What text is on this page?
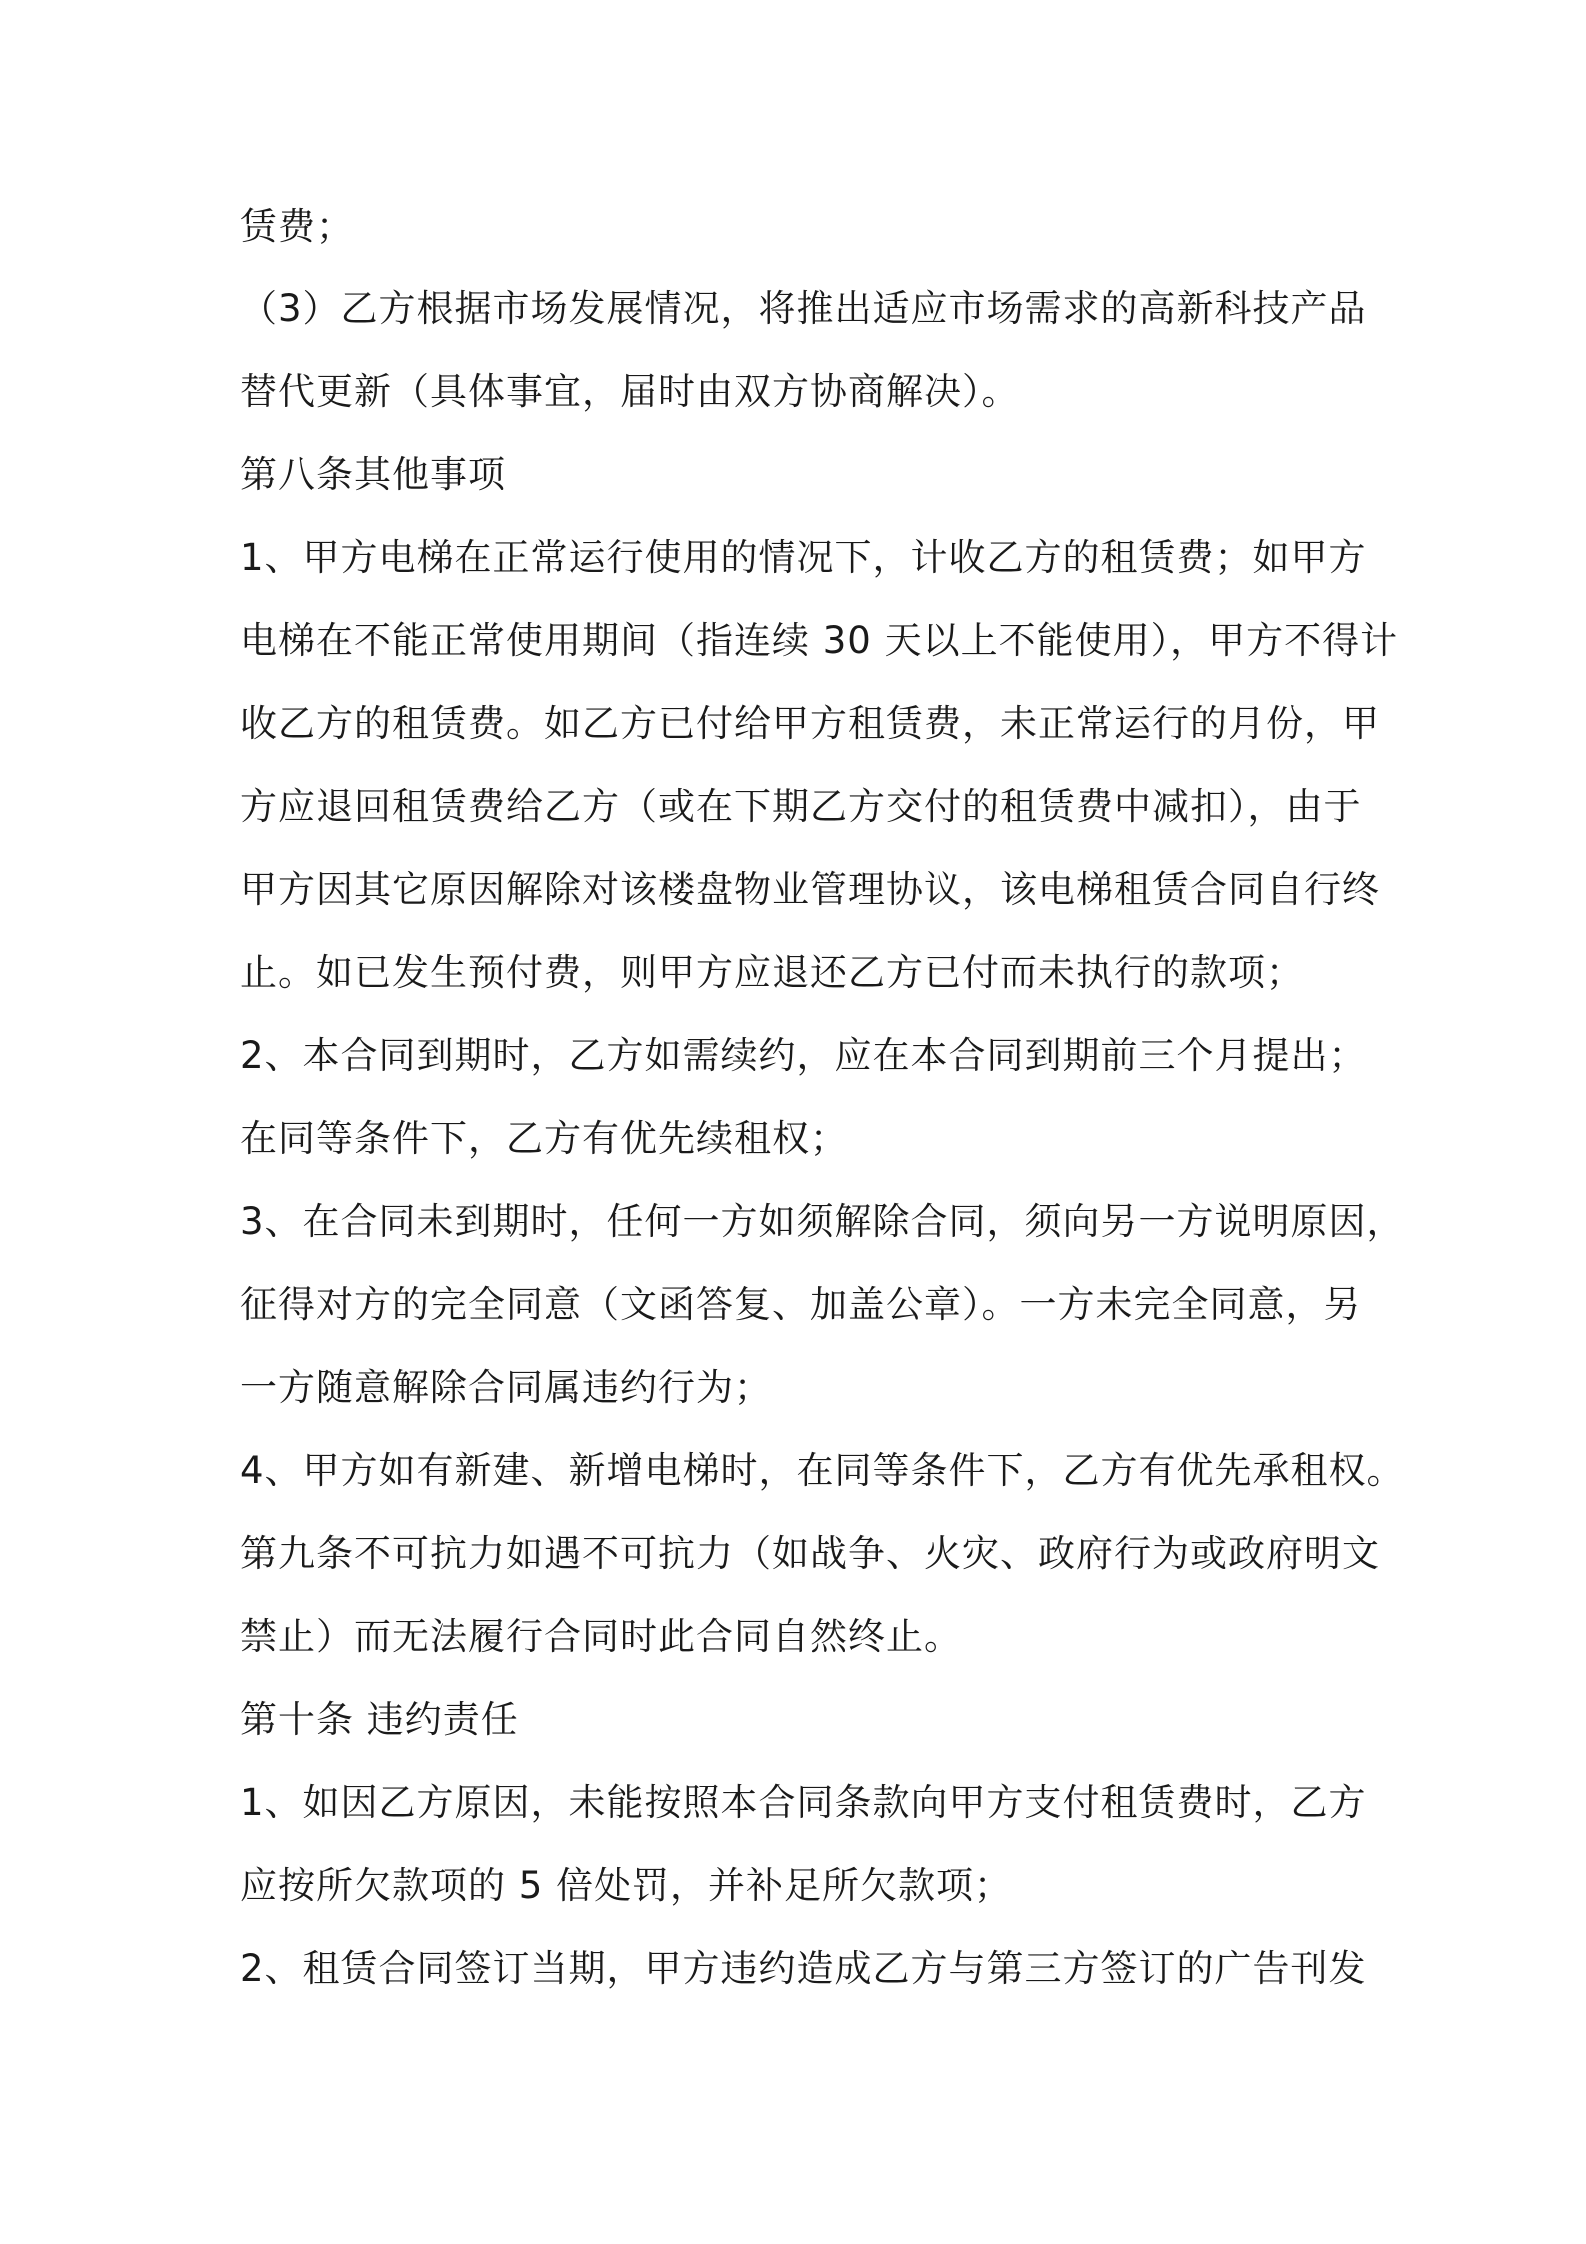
赁费；
（3）乙方根据市场发展情况，将推出适应市场需求的高新科技产品
替代更新（具体事宜，届时由双方协商解决）。
第八条其他事项
1、甲方电梯在正常运行使用的情况下，计收乙方的租赁费；如甲方
电梯在不能正常使用期间（指连续 30 天以上不能使用），甲方不得计
收乙方的租赁费。如乙方已付给甲方租赁费，未正常运行的月份，甲
方应退回租赁费给乙方（或在下期乙方交付的租赁费中减扣），由于
甲方因其它原因解除对该楼盘物业管理协议，该电梯租赁合同自行终
止。如已发生预付费，则甲方应退还乙方已付而未执行的款项；
2、本合同到期时，乙方如需续约，应在本合同到期前三个月提出；
在同等条件下，乙方有优先续租权；
3、在合同未到期时，任何一方如须解除合同，须向另一方说明原因，
征得对方的完全同意（文函答复、加盖公章）。一方未完全同意，另
一方随意解除合同属违约行为；
4、甲方如有新建、新增电梯时，在同等条件下，乙方有优先承租权。
第九条不可抗力如遇不可抗力（如战争、火灾、政府行为或政府明文
禁止）而无法履行合同时此合同自然终止。
第十条 违约责任
1、如因乙方原因，未能按照本合同条款向甲方支付租赁费时，乙方
应按所欠款项的 5 倍处罚，并补足所欠款项；
2、租赁合同签订当期，甲方违约造成乙方与第三方签订的广告刊发
